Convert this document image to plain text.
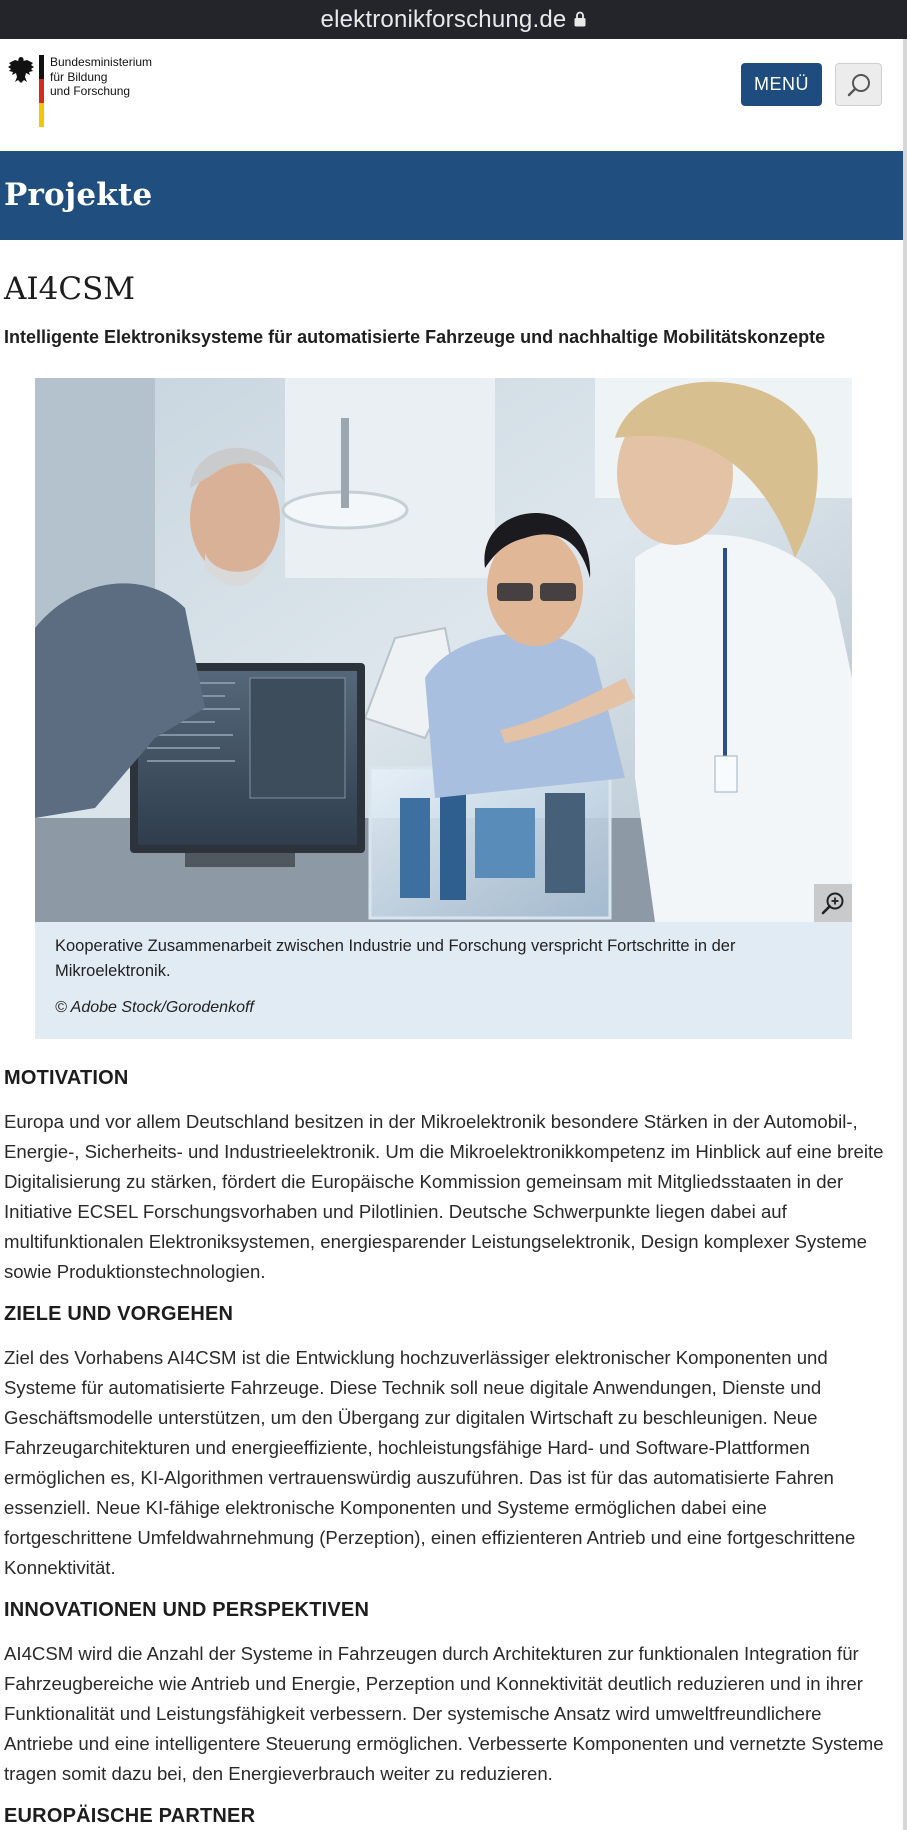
elektronikforschung.de
Bundesministerium
für Bildung
und Forschung	MENÜ
Projekte
AI4CSM
Intelligente Elektroniksysteme für automatisierte Fahrzeuge und nachhaltige Mobilitätskonzepte
Kooperative Zusammenarbeit zwischen Industrie und Forschung verspricht Fortschritte in der Mikroelektronik.
© Adobe Stock/Gorodenkoff
MOTIVATION

Europa und vor allem Deutschland besitzen in der Mikroelektronik besondere Stärken in der Automobil-, Energie-, Sicherheits- und Industrieelektronik. Um die Mikroelektronikkompetenz im Hinblick auf eine breite Digitalisierung zu stärken, fördert die Europäische Kommission gemeinsam mit Mitgliedsstaaten in der Initiative ECSEL Forschungsvorhaben und Pilotlinien. Deutsche Schwerpunkte liegen dabei auf multifunktionalen Elektroniksystemen, energiesparender Leistungselektronik, Design komplexer Systeme sowie Produktionstechnologien.

ZIELE UND VORGEHEN

Ziel des Vorhabens AI4CSM ist die Entwicklung hochzuverlässiger elektronischer Komponenten und Systeme für automatisierte Fahrzeuge. Diese Technik soll neue digitale Anwendungen, Dienste und Geschäftsmodelle unterstützen, um den Übergang zur digitalen Wirtschaft zu beschleunigen. Neue Fahrzeugarchitekturen und energieeffiziente, hochleistungsfähige Hard- und Software-Plattformen ermöglichen es, KI-Algorithmen vertrauenswürdig auszuführen. Das ist für das automatisierte Fahren essenziell. Neue KI-fähige elektronische Komponenten und Systeme ermöglichen dabei eine fortgeschrittene Umfeldwahrnehmung (Perzeption), einen effizienteren Antrieb und eine fortgeschrittene Konnektivität.

INNOVATIONEN UND PERSPEKTIVEN

AI4CSM wird die Anzahl der Systeme in Fahrzeugen durch Architekturen zur funktionalen Integration für Fahrzeugbereiche wie Antrieb und Energie, Perzeption und Konnektivität deutlich reduzieren und in ihrer Funktionalität und Leistungsfähigkeit verbessern. Der systemische Ansatz wird umweltfreundlichere Antriebe und eine intelligentere Steuerung ermöglichen. Verbesserte Komponenten und vernetzte Systeme tragen somit dazu bei, den Energieverbrauch weiter zu reduzieren.

EUROPÄISCHE PARTNER
